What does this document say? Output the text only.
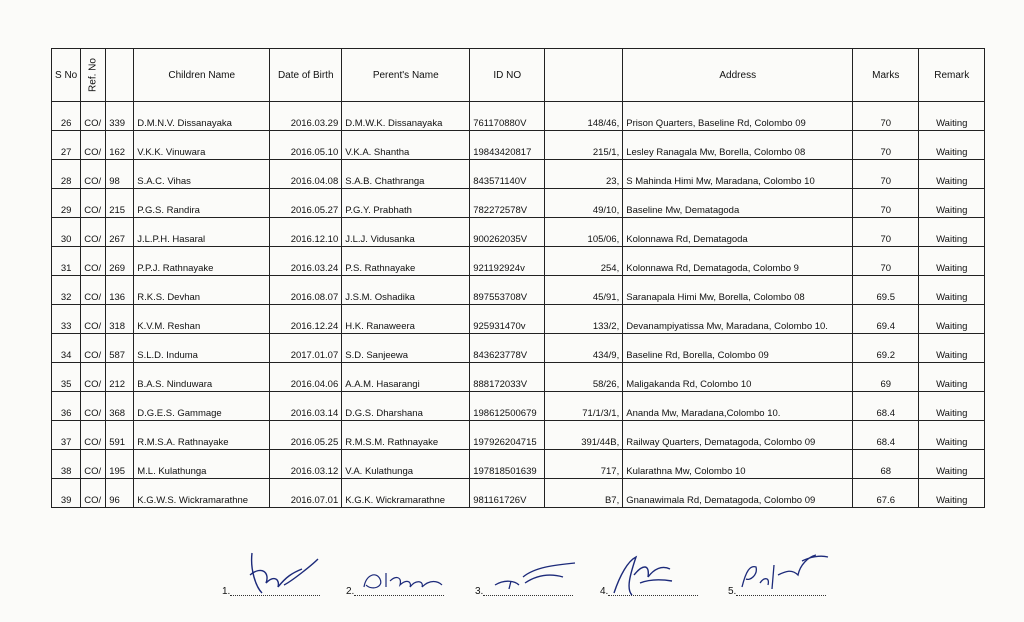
S No	Ref. No		Children Name	Date of Birth	Perent's Name	ID NO		Address	Marks	Remark
26	CO/	339	D.M.N.V. Dissanayaka	2016.03.29	D.M.W.K. Dissanayaka	761170880V	148/46,	Prison Quarters, Baseline Rd, Colombo 09	70	Waiting
27	CO/	162	V.K.K. Vinuwara	2016.05.10	V.K.A. Shantha	19843420817	215/1,	Lesley Ranagala Mw, Borella, Colombo 08	70	Waiting
28	CO/	98	S.A.C. Vihas	2016.04.08	S.A.B. Chathranga	843571140V	23,	S Mahinda Himi Mw, Maradana, Colombo 10	70	Waiting
29	CO/	215	P.G.S. Randira	2016.05.27	P.G.Y. Prabhath	782272578V	49/10,	Baseline Mw, Dematagoda	70	Waiting
30	CO/	267	J.L.P.H. Hasaral	2016.12.10	J.L.J. Vidusanka	900262035V	105/06,	Kolonnawa Rd, Dematagoda	70	Waiting
31	CO/	269	P.P.J. Rathnayake	2016.03.24	P.S. Rathnayake	921192924v	254,	Kolonnawa Rd, Dematagoda, Colombo 9	70	Waiting
32	CO/	136	R.K.S. Devhan	2016.08.07	J.S.M. Oshadika	897553708V	45/91,	Saranapala Himi Mw, Borella, Colombo 08	69.5	Waiting
33	CO/	318	K.V.M. Reshan	2016.12.24	H.K. Ranaweera	925931470v	133/2,	Devanampiyatissa Mw, Maradana, Colombo 10.	69.4	Waiting
34	CO/	587	S.L.D. Induma	2017.01.07	S.D. Sanjeewa	843623778V	434/9,	Baseline Rd, Borella, Colombo 09	69.2	Waiting
35	CO/	212	B.A.S. Ninduwara	2016.04.06	A.A.M. Hasarangi	888172033V	58/26,	Maligakanda Rd, Colombo 10	69	Waiting
36	CO/	368	D.G.E.S. Gammage	2016.03.14	D.G.S. Dharshana	198612500679	71/1/3/1,	Ananda Mw, Maradana,Colombo 10.	68.4	Waiting
37	CO/	591	R.M.S.A. Rathnayake	2016.05.25	R.M.S.M. Rathnayake	197926204715	391/44B,	Railway Quarters, Dematagoda, Colombo 09	68.4	Waiting
38	CO/	195	M.L. Kulathunga	2016.03.12	V.A. Kulathunga	197818501639	717,	Kularathna Mw, Colombo 10	68	Waiting
39	CO/	96	K.G.W.S. Wickramarathne	2016.07.01	K.G.K. Wickramarathne	981161726V	B7,	Gnanawimala Rd, Dematagoda, Colombo 09	67.6	Waiting
1.	2.	3.	4.	5.
